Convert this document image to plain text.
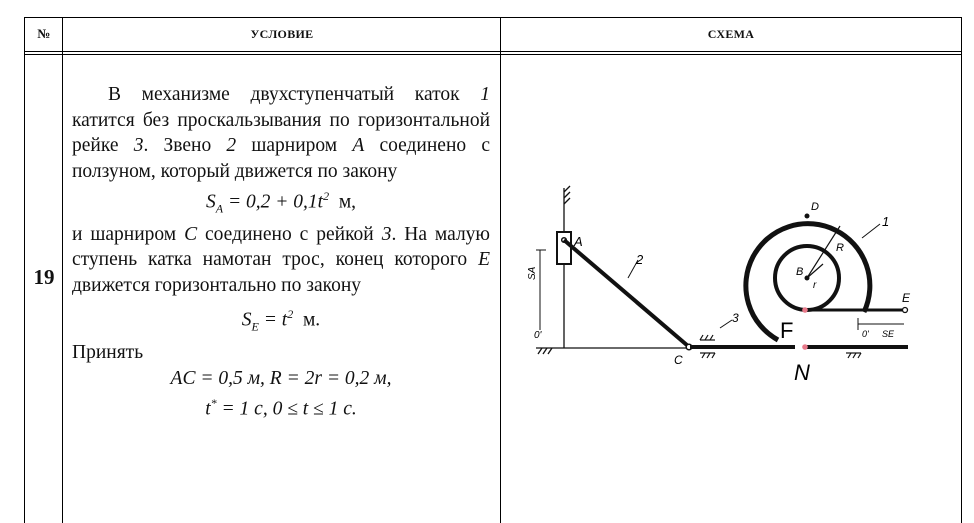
№	УСЛОВИЕ	СХЕМА
19

В механизме двухступенчатый каток 1 катится без проскальзывания по горизонтальной рейке 3. Звено 2 шарниром A соединено с ползуном, который движется по закону

$S_A = 0,2 + 0,1t^2$  м,

и шарниром C соединено с рейкой 3. На малую ступень катка намотан трос, конец которого E движется горизонтально по закону

$S_E = t^2$  м.

Принять

AC = 0,5 м, R = 2r = 0,2 м,

t* = 1 с, 0 ≤ t ≤ 1 с.

A
SA
0'
2
C
3
D
B
R
r
1
E
0' SE
F
N
